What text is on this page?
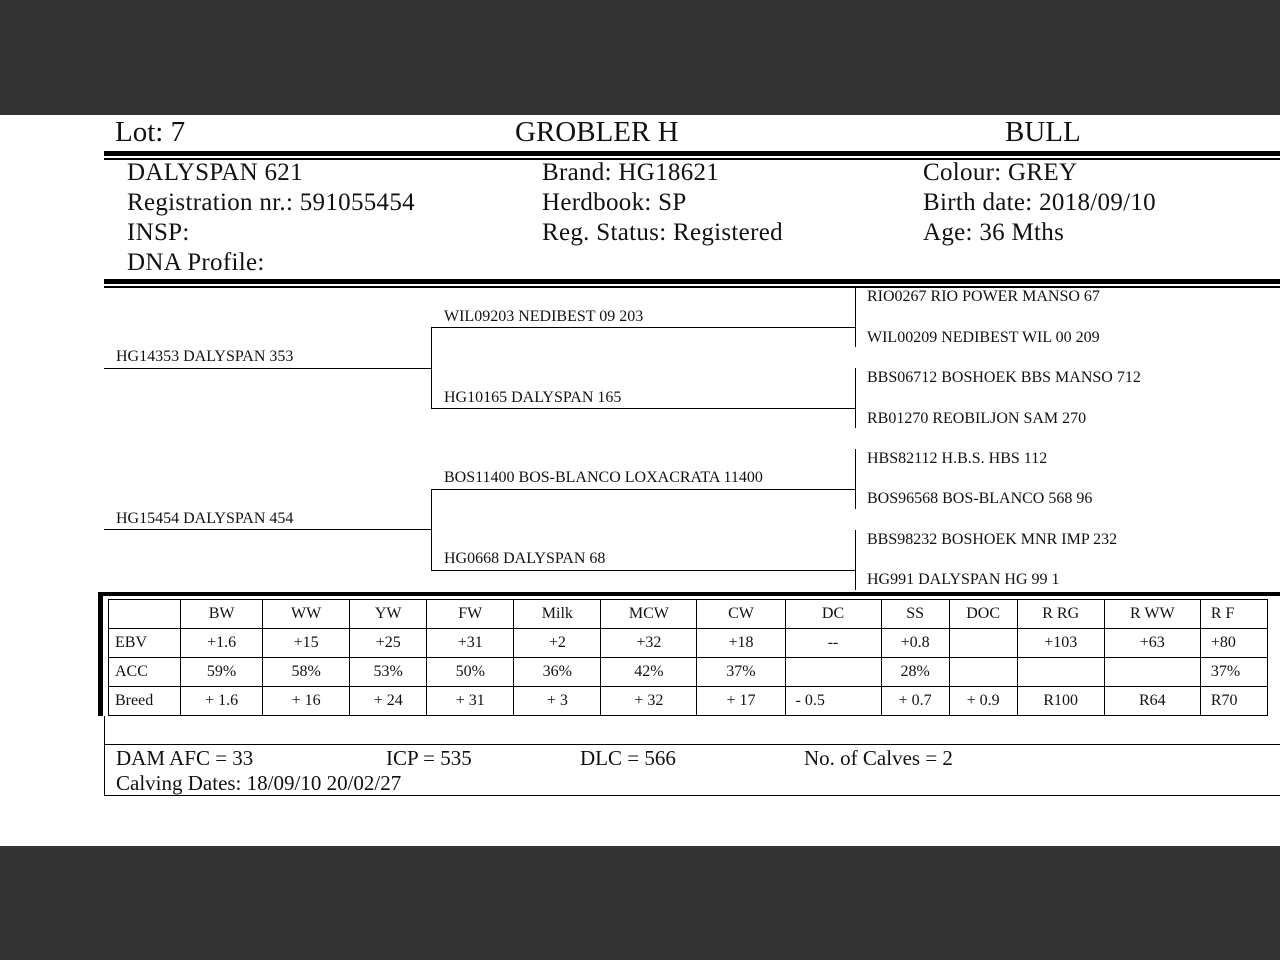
Lot: 7	GROBLER H	BULL
DALYSPAN 621
Registration nr.: 591055454
INSP:
DNA Profile:
Brand: HG18621
Herdbook: SP
Reg. Status: Registered
Colour: GREY
Birth date: 2018/09/10
Age: 36 Mths
HG14353 DALYSPAN 353
HG15454 DALYSPAN 454
WIL09203 NEDIBEST 09 203
HG10165 DALYSPAN 165
BOS11400 BOS-BLANCO LOXACRATA 11400
HG0668 DALYSPAN 68
RIO0267 RIO POWER MANSO 67
WIL00209 NEDIBEST WIL 00 209
BBS06712 BOSHOEK BBS MANSO 712
RB01270 REOBILJON SAM 270
HBS82112 H.B.S. HBS 112
BOS96568 BOS-BLANCO 568 96
BBS98232 BOSHOEK MNR IMP 232
HG991 DALYSPAN HG 99 1
	BW	WW	YW	FW	Milk	MCW	CW	DC	SS	DOC	R RG	R WW	R F
EBV	+1.6	+15	+25	+31	+2	+32	+18	--	+0.8		+103	+63	+80
ACC	59%	58%	53%	50%	36%	42%	37%		28%				37%
Breed	+ 1.6	+ 16	+ 24	+ 31	+ 3	+ 32	+ 17	- 0.5	+ 0.7	+ 0.9	R100	R64	R70
DAM AFC = 33	ICP = 535	DLC = 566	No. of Calves = 2
Calving Dates: 18/09/10 20/02/27
